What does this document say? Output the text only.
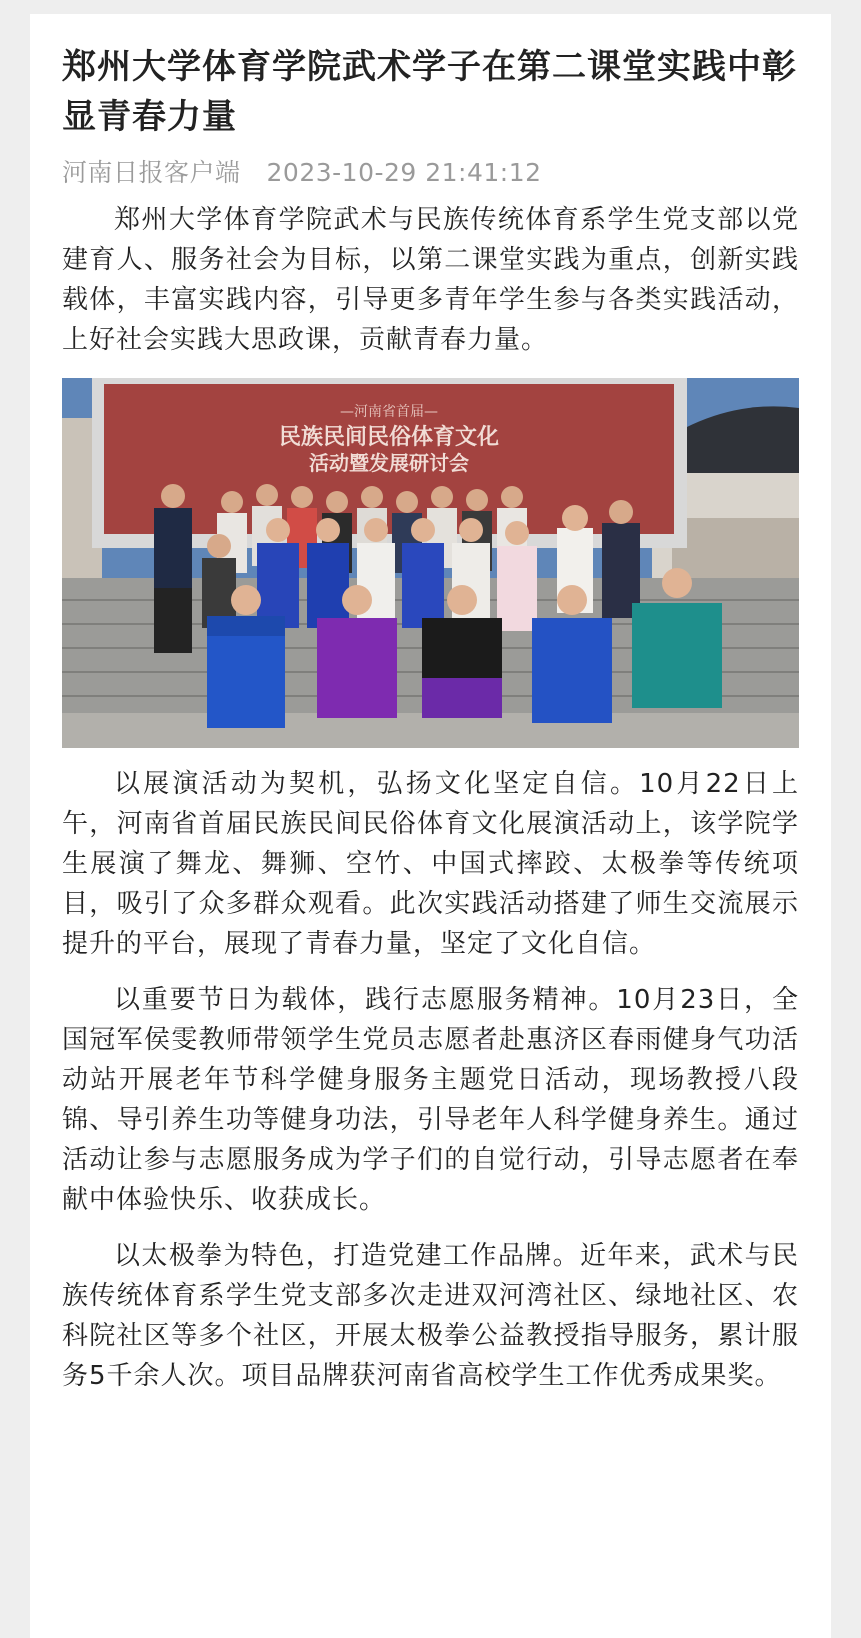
郑州大学体育学院武术学子在第二课堂实践中彰显青春力量
河南日报客户端 2023-10-29 21:41:12

郑州大学体育学院武术与民族传统体育系学生党支部以党建育人、服务社会为目标，以第二课堂实践为重点，创新实践载体，丰富实践内容，引导更多青年学生参与各类实践活动，上好社会实践大思政课，贡献青春力量。

—河南省首届—
民族民间民俗体育文化
活动暨发展研讨会

以展演活动为契机，弘扬文化坚定自信。10月22日上午，河南省首届民族民间民俗体育文化展演活动上，该学院学生展演了舞龙、舞狮、空竹、中国式摔跤、太极拳等传统项目，吸引了众多群众观看。此次实践活动搭建了师生交流展示提升的平台，展现了青春力量，坚定了文化自信。

以重要节日为载体，践行志愿服务精神。10月23日，全国冠军侯雯教师带领学生党员志愿者赴惠济区春雨健身气功活动站开展老年节科学健身服务主题党日活动，现场教授八段锦、导引养生功等健身功法，引导老年人科学健身养生。通过活动让参与志愿服务成为学子们的自觉行动，引导志愿者在奉献中体验快乐、收获成长。

以太极拳为特色，打造党建工作品牌。近年来，武术与民族传统体育系学生党支部多次走进双河湾社区、绿地社区、农科院社区等多个社区，开展太极拳公益教授指导服务，累计服务5千余人次。项目品牌获河南省高校学生工作优秀成果奖。
